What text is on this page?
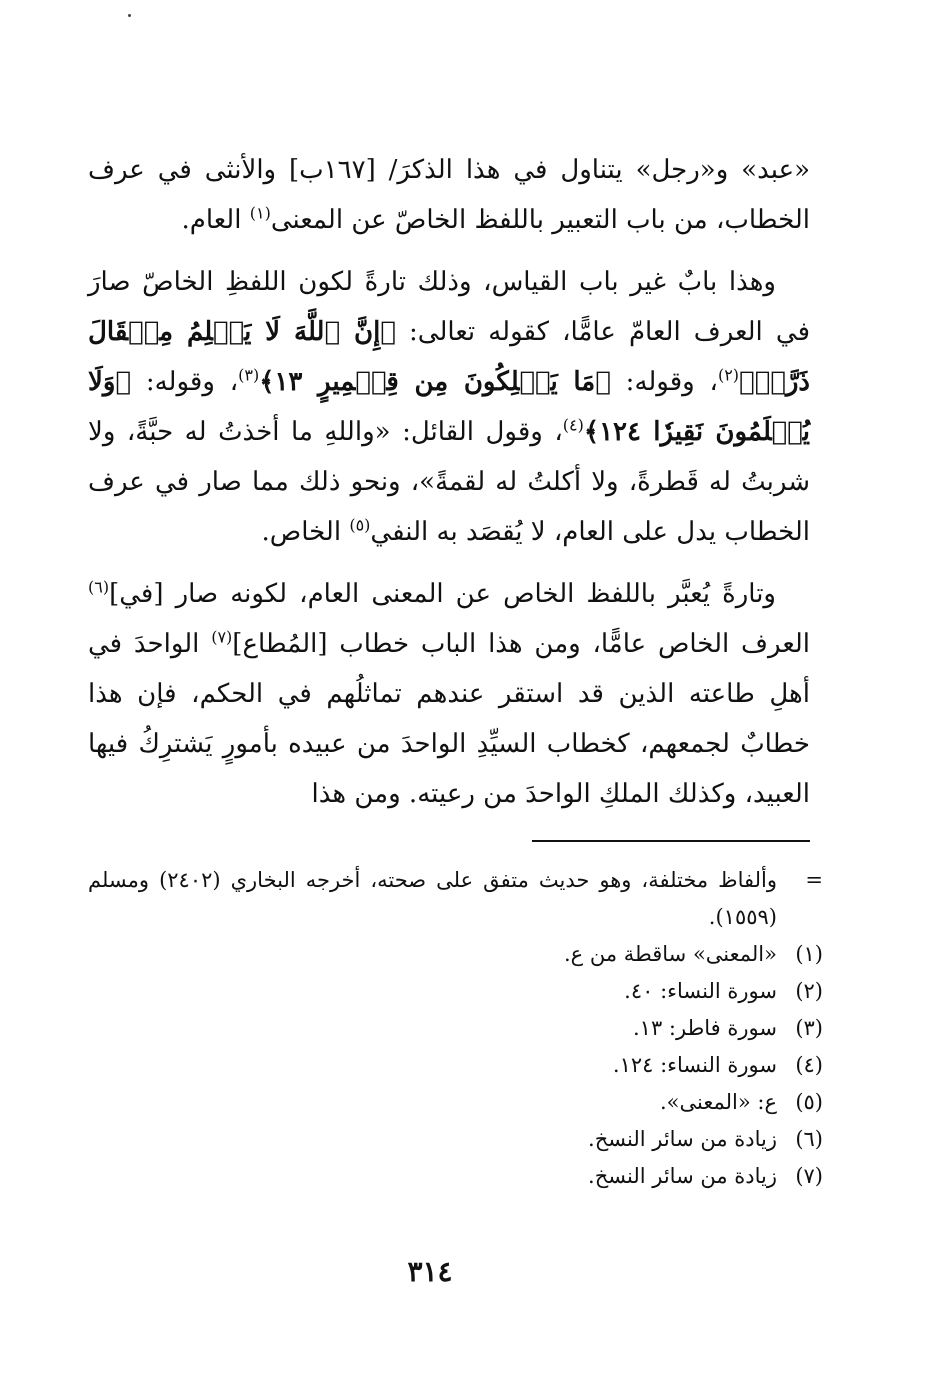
«عبد» و«رجل» يتناول في هذا الذكرَ/ [١٦٧ب] والأنثى في عرف الخطاب، من باب التعبير باللفظ الخاصّ عن المعنى$^{(١)}$ العام.

وهذا بابٌ غير باب القياس، وذلك تارةً لكون اللفظِ الخاصّ صارَ في العرف العامّ عامًّا، كقوله تعالى: ﴿إِنَّ ٱللَّهَ لَا يَظۡلِمُ مِثۡقَالَ ذَرَّةٖ﴾$^{(٢)}$، وقوله: ﴿مَا يَمۡلِكُونَ مِن قِطۡمِيرٍ ١٣﴾$^{(٣)}$، وقوله: ﴿وَلَا يُظۡلَمُونَ نَقِيرٗا ١٢٤﴾$^{(٤)}$، وقول القائل: «واللهِ ما أخذتُ له حبَّةً، ولا شربتُ له قَطرةً، ولا أكلتُ له لقمةً»، ونحو ذلك مما صار في عرف الخطاب يدل على العام، لا يُقصَد به النفي$^{(٥)}$ الخاص.

وتارةً يُعبَّر باللفظ الخاص عن المعنى العام، لكونه صار [في]$^{(٦)}$ العرف الخاص عامًّا، ومن هذا الباب خطاب [المُطاع]$^{(٧)}$ الواحدَ في أهلِ طاعته الذين قد استقر عندهم تماثلُهم في الحكم، فإن هذا خطابٌ لجمعهم، كخطاب السيِّدِ الواحدَ من عبيده بأمورٍ يَشترِكُ فيها العبيد، وكذلك الملكِ الواحدَ من رعيته. ومن هذا

=
وألفاظ مختلفة، وهو حديث متفق على صحته، أخرجه البخاري (٢٤٠٢) ومسلم (١٥٥٩).
(١)
«المعنى» ساقطة من ع.
(٢)
سورة النساء: ٤٠.
(٣)
سورة فاطر: ١٣.
(٤)
سورة النساء: ١٢٤.
(٥)
ع: «المعنى».
(٦)
زيادة من سائر النسخ.
(٧)
زيادة من سائر النسخ.
٣١٤
